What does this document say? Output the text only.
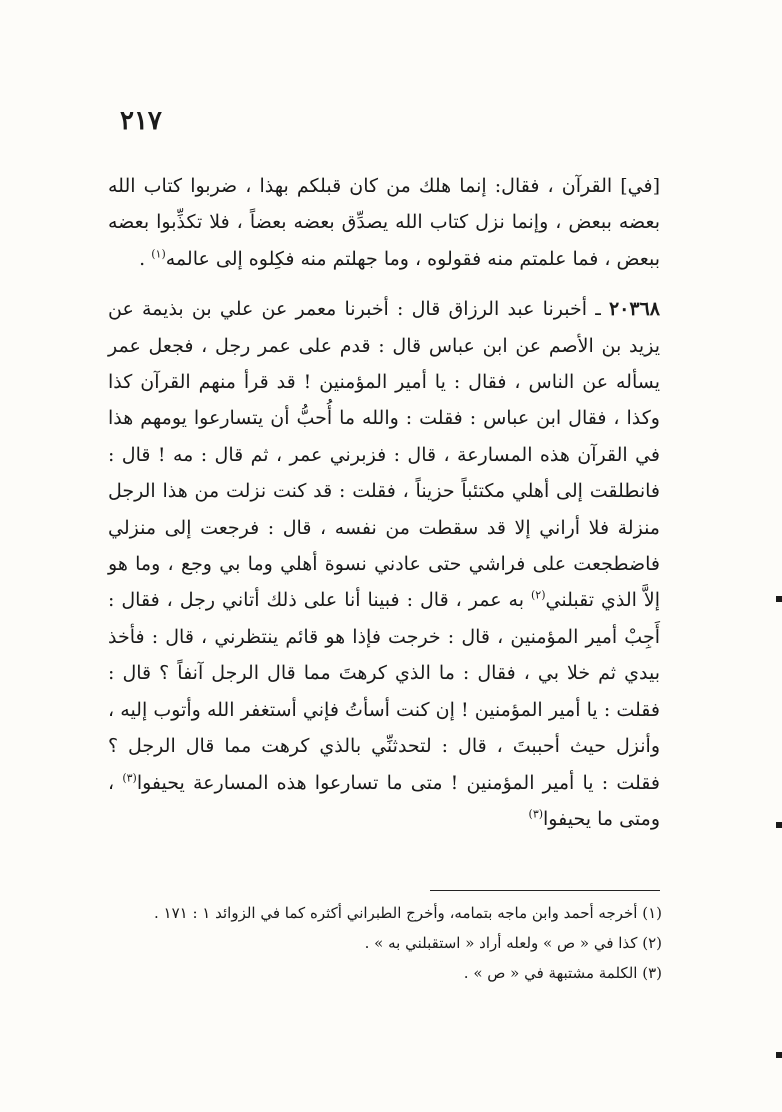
٢١٧

[في] القرآن ، فقال: إنما هلك من كان قبلكم بهذا ، ضربوا كتاب الله بعضه ببعض ، وإنما نزل كتاب الله يصدِّق بعضه بعضاً ، فلا تكذِّبوا بعضه ببعض ، فما علمتم منه فقولوه ، وما جهلتم منه فكِلوه إلى عالمه$^{(١)}$ .

٢٠٣٦٨ ـ أخبرنا عبد الرزاق قال : أخبرنا معمر عن علي بن بذيمة عن يزيد بن الأصم عن ابن عباس قال : قدم على عمر رجل ، فجعل عمر يسأله عن الناس ، فقال : يا أمير المؤمنين ! قد قرأ منهم القرآن كذا وكذا ، فقال ابن عباس : فقلت : والله ما أُحبُّ أن يتسارعوا يومهم هذا في القرآن هذه المسارعة ، قال : فزبرني عمر ، ثم قال : مه ! قال : فانطلقت إلى أهلي مكتئباً حزيناً ، فقلت : قد كنت نزلت من هذا الرجل منزلة فلا أراني إلا قد سقطت من نفسه ، قال : فرجعت إلى منزلي فاضطجعت على فراشي حتى عادني نسوة أهلي وما بي وجع ، وما هو إلاَّ الذي تقبلني$^{(٢)}$ به عمر ، قال : فبينا أنا على ذلك أتاني رجل ، فقال : أَجِبْ أمير المؤمنين ، قال : خرجت فإذا هو قائم ينتظرني ، قال : فأخذ بيدي ثم خلا بي ، فقال : ما الذي كرهتَ مما قال الرجل آنفاً ؟ قال : فقلت : يا أمير المؤمنين ! إن كنت أسأتُ فإني أستغفر الله وأتوب إليه ، وأنزل حيث أحببتَ ، قال : لتحدثنِّي بالذي كرهت مما قال الرجل ؟ فقلت : يا أمير المؤمنين ! متى ما تسارعوا هذه المسارعة يحيفوا$^{(٣)}$ ، ومتى ما يحيفوا$^{(٣)}$

(١) أخرجه أحمد وابن ماجه بتمامه، وأخرج الطبراني أكثره كما في الزوائد ١ : ١٧١ .

(٢) كذا في « ص » ولعله أراد « استقبلني به » .

(٣) الكلمة مشتبهة في « ص » .
